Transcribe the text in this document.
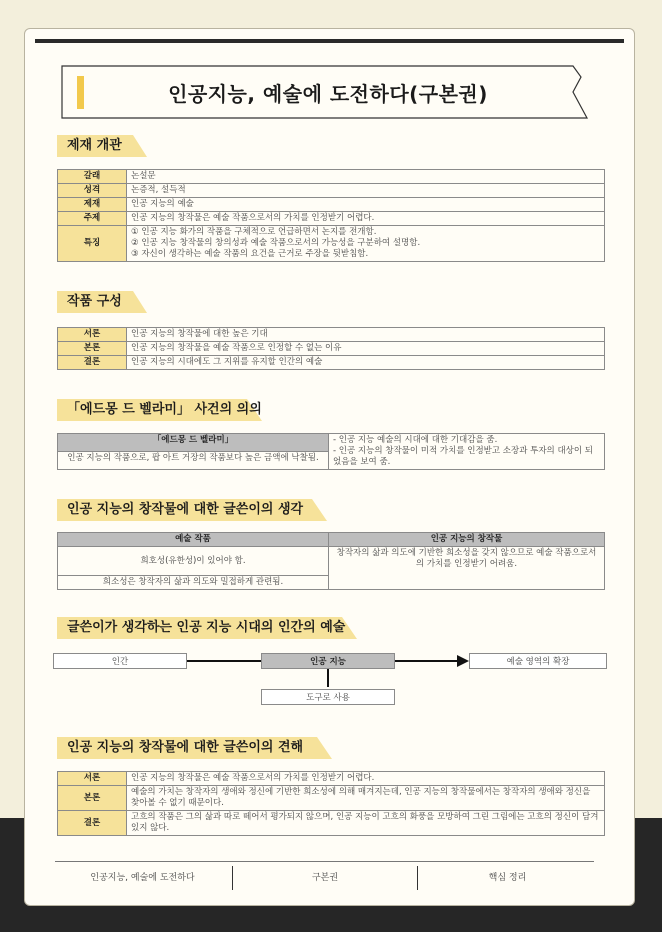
인공지능, 예술에 도전하다(구본권)
제재 개관
갈래	논설문
성격	논증적, 설득적
제재	인공 지능의 예술
주제	인공 지능의 창작물은 예술 작품으로서의 가치를 인정받기 어렵다.
특징	① 인공 지능 화가의 작품을 구체적으로 언급하면서 논지를 전개함.
② 인공 지능 창작물의 창의성과 예술 작품으로서의 가능성을 구분하여 설명함.
③ 자신이 생각하는 예술 작품의 요건을 근거로 주장을 뒷받침함.
작품 구성
서론	인공 지능의 창작물에 대한 높은 기대
본론	인공 지능의 창작물을 예술 작품으로 인정할 수 없는 이유
결론	인공 지능의 시대에도 그 지위를 유지할 인간의 예술
「에드몽 드 벨라미」 사건의 의의
「에드몽 드 벨라미」	- 인공 지능 예술의 시대에 대한 기대감을 줌.
- 인공 지능의 창작물이 미적 가치를 인정받고 소장과 투자의 대상이 되었음을 보여 줌.

인공 지능의 작품으로, 팝 아트 거장의 작품보다 높은 금액에 낙찰됨.
인공 지능의 창작물에 대한 글쓴이의 생각
예술 작품	인공 지능의 창작물
희호성(유한성)이 있어야 함.	창작자의 삶과 의도에 기반한 희소성을 갖지 않으므로 예술 작품으로서의 가치를 인정받기 어려움.
희소성은 창작자의 삶과 의도와 밀접하게 관련됨.	
글쓴이가 생각하는 인공 지능 시대의 인간의 예술
인간	인공 지능	예술 영역의 확장
도구로 사용
인공 지능의 창작물에 대한 글쓴이의 견해
서론	인공 지능의 창작물은 예술 작품으로서의 가치를 인정받기 어렵다.
본론	예술의 가치는 창작자의 생애와 정신에 기반한 희소성에 의해 매겨지는데, 인공 지능의 창작물에서는 창작자의 생애와 정신을 찾아볼 수 없기 때문이다.
결론	고흐의 작품은 그의 삶과 따로 떼어서 평가되지 않으며, 인공 지능이 고흐의 화풍을 모방하여 그린 그림에는 고흐의 정신이 담겨 있지 않다.
인공지능, 예술에 도전하다	구본권	핵심 정리
